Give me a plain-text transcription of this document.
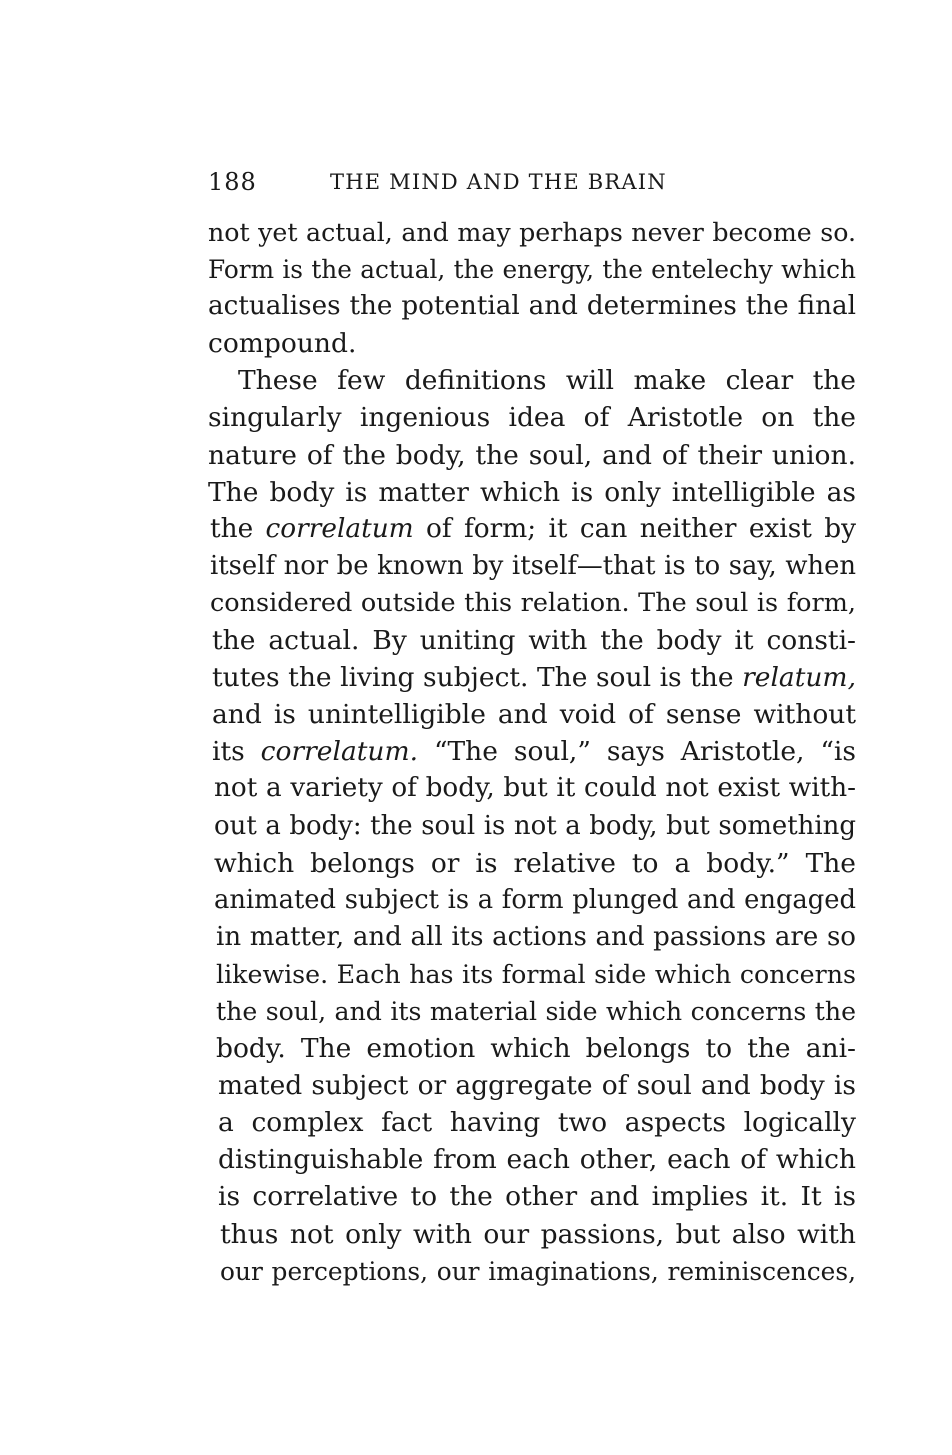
188	THE MIND AND THE BRAIN
not yet actual, and may perhaps never become so.
Form is the actual, the energy, the entelechy which
actualises the potential and determines the final
compound.
These few definitions will make clear the
singularly ingenious idea of Aristotle on the
nature of the body, the soul, and of their union.
The body is matter which is only intelligible as
the correlatum of form; it can neither exist by
itself nor be known by itself—that is to say, when
considered outside this relation. The soul is form,
the actual. By uniting with the body it consti-
tutes the living subject. The soul is the relatum,
and is unintelligible and void of sense without
its correlatum. “The soul,” says Aristotle, “is
not a variety of body, but it could not exist with-
out a body: the soul is not a body, but something
which belongs or is relative to a body.” The
animated subject is a form plunged and engaged
in matter, and all its actions and passions are so
likewise. Each has its formal side which concerns
the soul, and its material side which concerns the
body. The emotion which belongs to the ani-
mated subject or aggregate of soul and body is
a complex fact having two aspects logically
distinguishable from each other, each of which
is correlative to the other and implies it. It is
thus not only with our passions, but also with
our perceptions, our imaginations, reminiscences,
